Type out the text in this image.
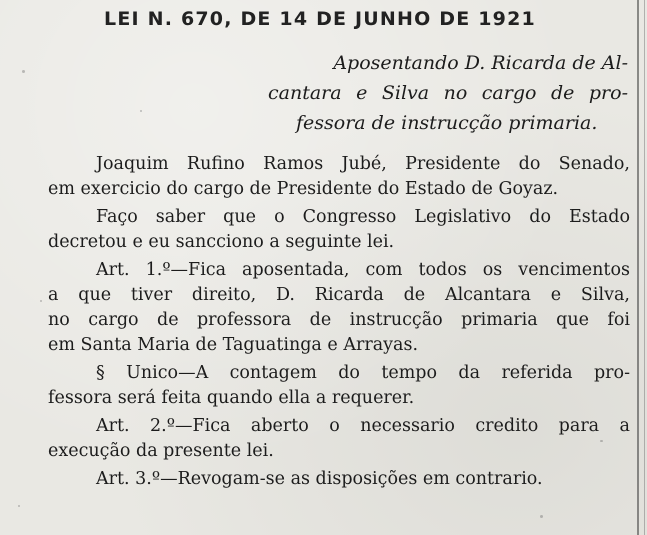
LEI N. 670, DE 14 DE JUNHO DE 1921
Aposentando D. Ricarda de Al-
cantara e Silva no cargo de pro-
fessora de instrucção primaria.
Joaquim Rufino Ramos Jubé, Presidente do Senado,
em exercicio do cargo de Presidente do Estado de Goyaz.
Faço saber que o Congresso Legislativo do Estado
decretou e eu sancciono a seguinte lei.
Art. 1.º—Fica aposentada, com todos os vencimentos
a que tiver direito, D. Ricarda de Alcantara e Silva,
no cargo de professora de instrucção primaria que foi
em Santa Maria de Taguatinga e Arrayas.
§ Unico—A contagem do tempo da referida pro-
fessora será feita quando ella a requerer.
Art. 2.º—Fica aberto o necessario credito para a
execução da presente lei.
Art. 3.º—Revogam-se as disposições em contrario.
